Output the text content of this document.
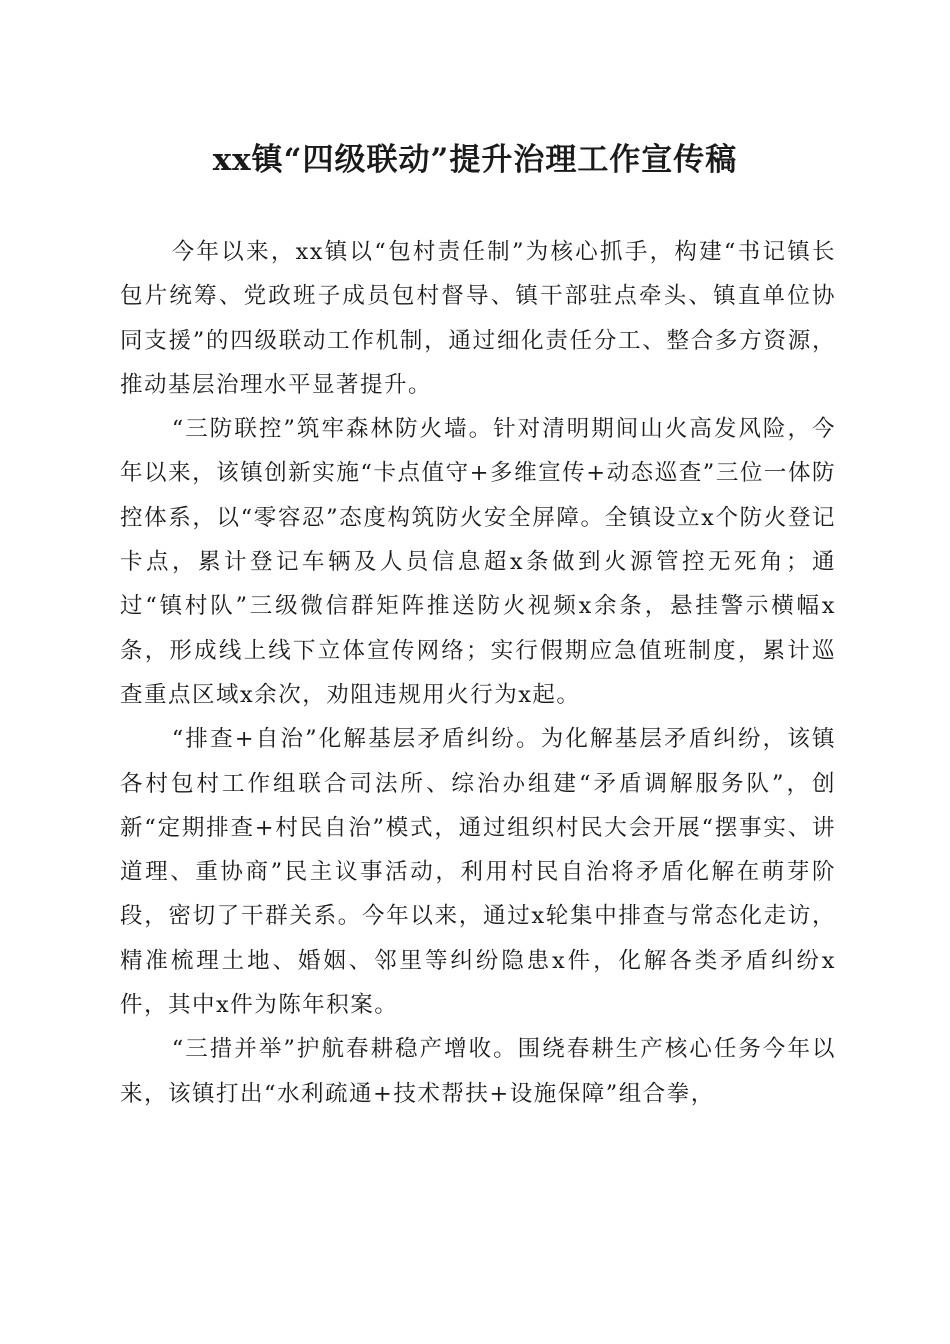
xx镇“四级联动”提升治理工作宣传稿

今年以来，xx镇以“包村责任制”为核心抓手，构建“书记镇长包片统筹、党政班子成员包村督导、镇干部驻点牵头、镇直单位协同支援”的四级联动工作机制，通过细化责任分工、整合多方资源，推动基层治理水平显著提升。

“三防联控”筑牢森林防火墙。针对清明期间山火高发风险，今年以来，该镇创新实施“卡点值守+多维宣传+动态巡查”三位一体防控体系，以“零容忍”态度构筑防火安全屏障。全镇设立x个防火登记卡点，累计登记车辆及人员信息超x条做到火源管控无死角；通过“镇村队”三级微信群矩阵推送防火视频x余条，悬挂警示横幅x条，形成线上线下立体宣传网络；实行假期应急值班制度，累计巡查重点区域x余次，劝阻违规用火行为x起。

“排查+自治”化解基层矛盾纠纷。为化解基层矛盾纠纷，该镇各村包村工作组联合司法所、综治办组建“矛盾调解服务队”，创新“定期排查+村民自治”模式，通过组织村民大会开展“摆事实、讲道理、重协商”民主议事活动，利用村民自治将矛盾化解在萌芽阶段，密切了干群关系。今年以来，通过x轮集中排查与常态化走访，精准梳理土地、婚姻、邻里等纠纷隐患x件，化解各类矛盾纠纷x件，其中x件为陈年积案。

“三措并举”护航春耕稳产增收。围绕春耕生产核心任务今年以来，该镇打出“水利疏通+技术帮扶+设施保障”组合拳，
